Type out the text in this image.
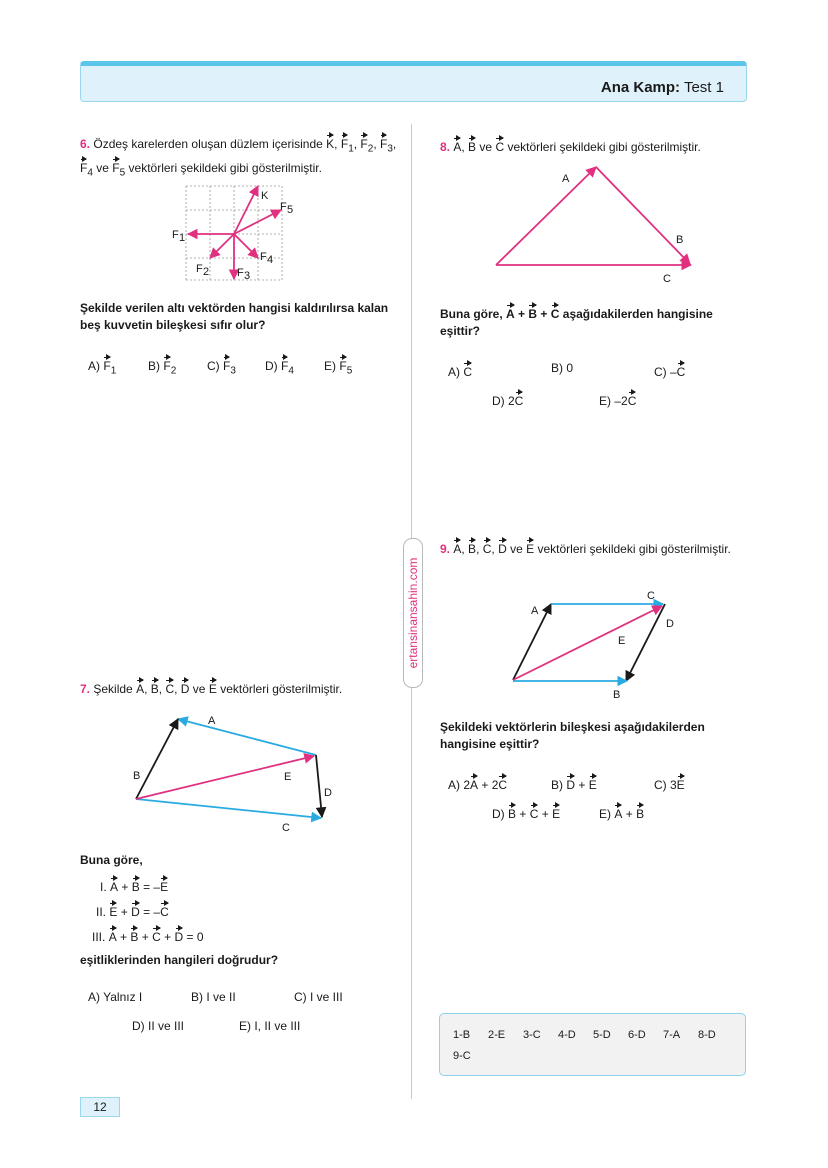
Ana Kamp: Test 1
ertansinansahin.com
6. Özdeş karelerden oluşan düzlem içerisinde K, $F_1$, $F_2$, $F_3$, $F_4$ ve $F_5$ vektörleri şekildeki gibi gösterilmiştir.
K
F 1
F 2	F 3
F 4
F 5
Şekilde verilen altı vektörden hangisi kaldırılırsa kalan beş kuvvetin bileşkesi sıfır olur?
A) $F_1$	B) $F_2$	C) $F_3$ D) $F_4$	E) $F_5$
7. Şekilde A, B, C, D ve E vektörleri gösterilmiştir.
A
B
C
D
E
Buna göre,
I. A + B = –E
II. E + D = –C
III. A + B + C + D = 0
eşitliklerinden hangileri doğrudur?
A) Yalnız I	B) I ve II	C) I ve III
D) II ve III	E) I, II ve III
8. A, B ve C vektörleri şekildeki gibi gösterilmiştir.
A
B
C
Buna göre, A + B + C aşağıdakilerden hangisine eşittir?
A) C	B) 0	C) –C
D) 2C	E) –2C
9. A, B, C, D ve E vektörleri şekildeki gibi gösterilmiştir.
A
B
C
D
E
Şekildeki vektörlerin bileşkesi aşağıdakilerden hangisine eşittir?
A) 2A + 2C	B) D + E	C) 3E
D) B + C + E	E) A + B
1-B 2-E 3-C 4-D 5-D 6-D 7-A 8-D
9-C
12
